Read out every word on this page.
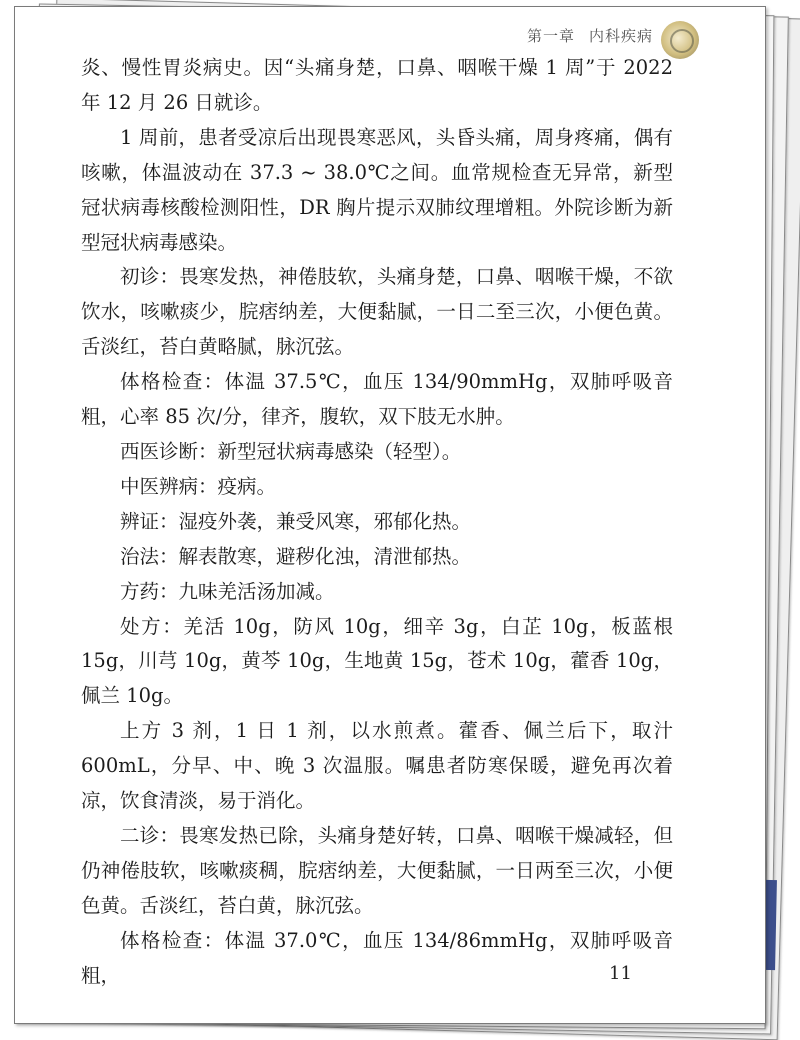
第一章 内科疾病

炎、慢性胃炎病史。因“头痛身楚，口鼻、咽喉干燥 1 周”于 2022 年 12 月 26 日就诊。

1 周前，患者受凉后出现畏寒恶风，头昏头痛，周身疼痛，偶有咳嗽，体温波动在 37.3 ~ 38.0℃之间。血常规检查无异常，新型冠状病毒核酸检测阳性，DR 胸片提示双肺纹理增粗。外院诊断为新型冠状病毒感染。

初诊：畏寒发热，神倦肢软，头痛身楚，口鼻、咽喉干燥，不欲饮水，咳嗽痰少，脘痞纳差，大便黏腻，一日二至三次，小便色黄。舌淡红，苔白黄略腻，脉沉弦。

体格检查：体温 37.5℃，血压 134/90mmHg，双肺呼吸音粗，心率 85 次/分，律齐，腹软，双下肢无水肿。

西医诊断：新型冠状病毒感染（轻型）。

中医辨病：疫病。

辨证：湿疫外袭，兼受风寒，邪郁化热。

治法：解表散寒，避秽化浊，清泄郁热。

方药：九味羌活汤加减。

处方：羌活 10g，防风 10g，细辛 3g，白芷 10g，板蓝根 15g，川芎 10g，黄芩 10g，生地黄 15g，苍术 10g，藿香 10g，佩兰 10g。

上方 3 剂，1 日 1 剂，以水煎煮。藿香、佩兰后下，取汁 600mL，分早、中、晚 3 次温服。嘱患者防寒保暖，避免再次着凉，饮食清淡，易于消化。

二诊：畏寒发热已除，头痛身楚好转，口鼻、咽喉干燥减轻，但仍神倦肢软，咳嗽痰稠，脘痞纳差，大便黏腻，一日两至三次，小便色黄。舌淡红，苔白黄，脉沉弦。

体格检查：体温 37.0℃，血压 134/86mmHg，双肺呼吸音粗，	11
